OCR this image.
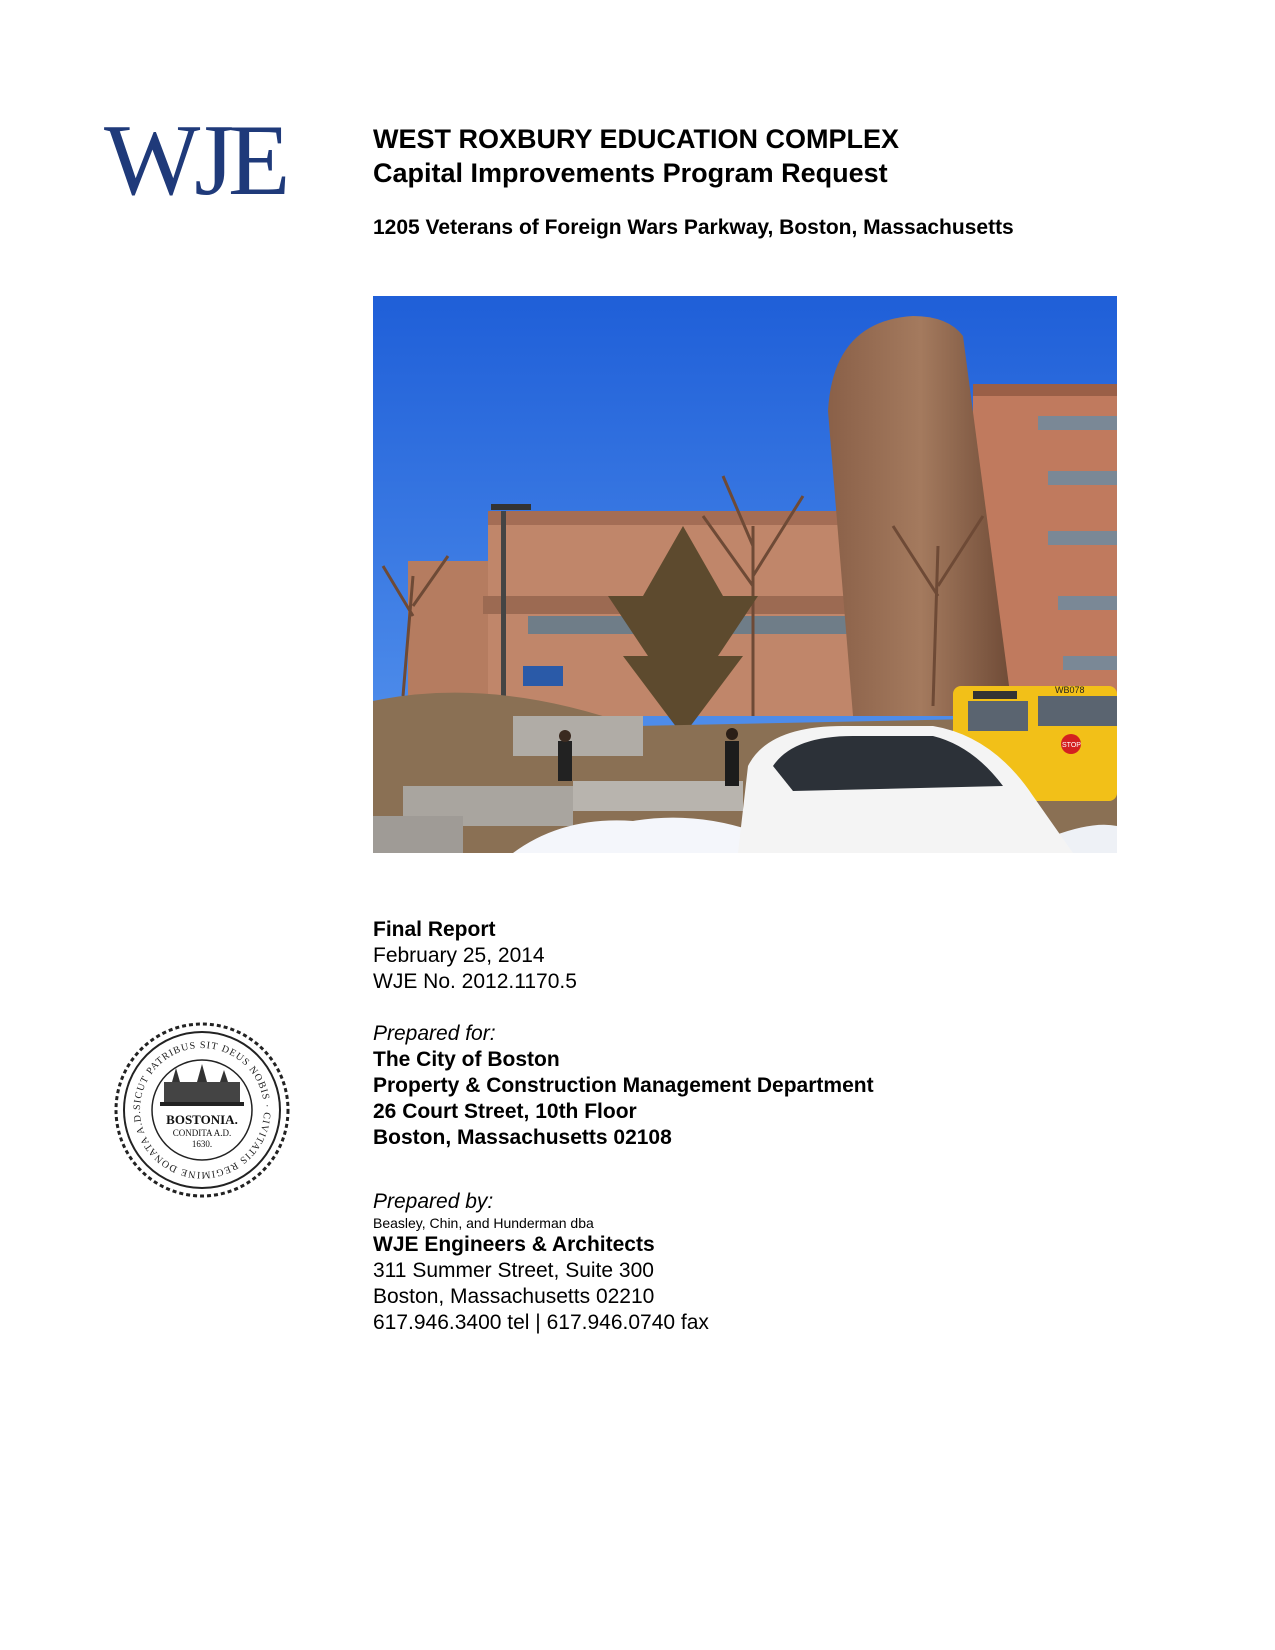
WJE	WEST ROXBURY EDUCATION COMPLEX

Capital Improvements Program Request

1205 Veterans of Foreign Wars Parkway, Boston, Massachusetts
WB078
STOP
Final Report
February 25, 2014
WJE No. 2012.1170.5
Prepared for:
The City of Boston
Property & Construction Management Department
26 Court Street, 10th Floor
Boston, Massachusetts 02108
Prepared by:
Beasley, Chin, and Hunderman dba
WJE Engineers & Architects
311 Summer Street, Suite 300
Boston, Massachusetts 02210
617.946.3400 tel | 617.946.0740 fax
SICUT PATRIBUS SIT DEUS NOBIS · CIVITATIS REGIMINE DONATA A.D.
BOSTONIA.
CONDITA A.D.
1630.
